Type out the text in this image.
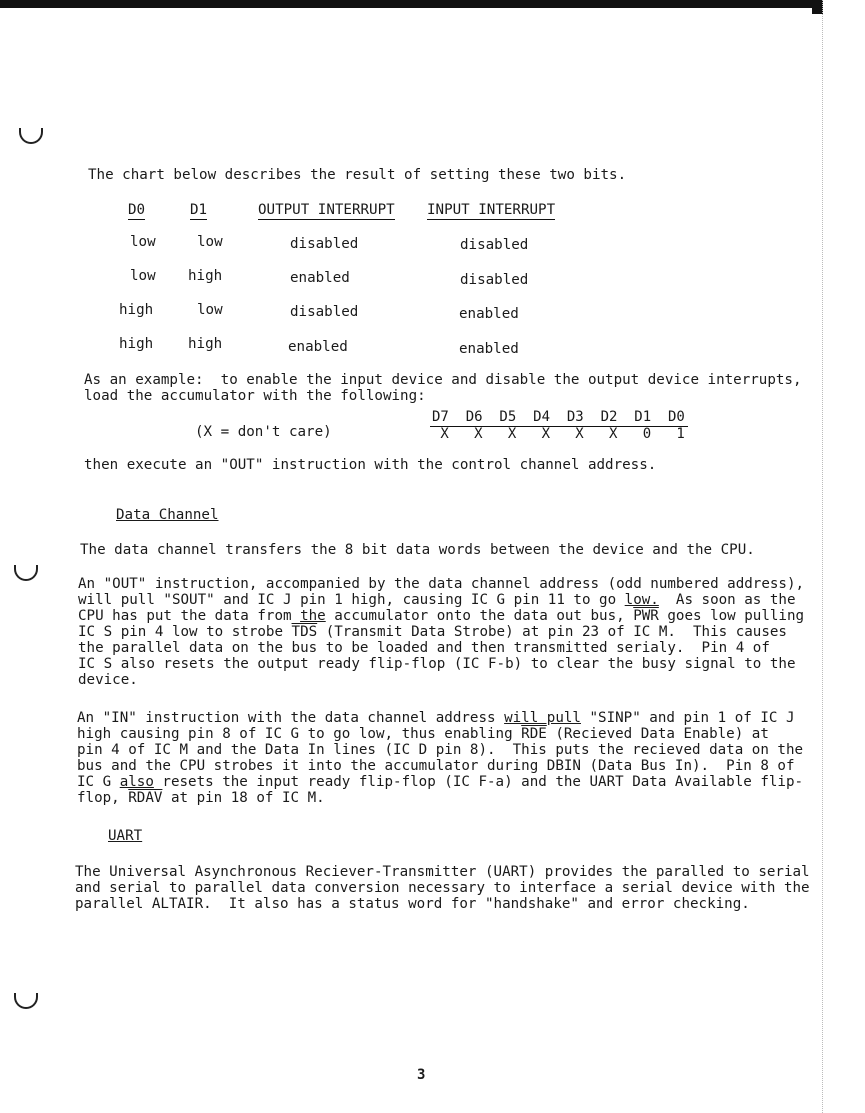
The chart below describes the result of setting these two bits.
D0	D1	OUTPUT INTERRUPT INPUT INTERRUPT
low	low	disabled	disabled
low high	enabled	disabled
high	low	disabled	enabled
high high	enabled	enabled
As an example:  to enable the input device and disable the output device interrupts,
load the accumulator with the following:
(X = don't care)
D7  D6  D5  D4  D3  D2  D1  D0
X   X   X   X   X   X   0   1
then execute an "OUT" instruction with the control channel address.
Data Channel
The data channel transfers the 8 bit data words between the device and the CPU.
An "OUT" instruction, accompanied by the data channel address (odd numbered address),
will pull "SOUT" and IC J pin 1 high, causing IC G pin 11 to go low.  As soon as the
CPU has put the data from the accumulator onto the data out bus, $\overline{PWR}$ goes low pulling
IC S pin 4 low to strobe $\overline{TDS}$ (Transmit Data Strobe) at pin 23 of IC M.  This causes
the parallel data on the bus to be loaded and then transmitted serialy.  Pin 4 of
IC S also resets the output ready flip-flop (IC F-b) to clear the busy signal to the
device.
An "IN" instruction with the data channel address will pull "SINP" and pin 1 of IC J
high causing pin 8 of IC G to go low, thus enabling $\overline{RDE}$ (Recieved Data Enable) at
pin 4 of IC M and the Data In lines (IC D pin 8).  This puts the recieved data on the
bus and the CPU strobes it into the accumulator during DBIN (Data Bus In).  Pin 8 of
IC G also resets the input ready flip-flop (IC F-a) and the UART Data Available flip-
flop, RDAV at pin 18 of IC M.
UART
The Universal Asynchronous Reciever-Transmitter (UART) provides the paralled to serial
and serial to parallel data conversion necessary to interface a serial device with the
parallel ALTAIR.  It also has a status word for "handshake" and error checking.
3
